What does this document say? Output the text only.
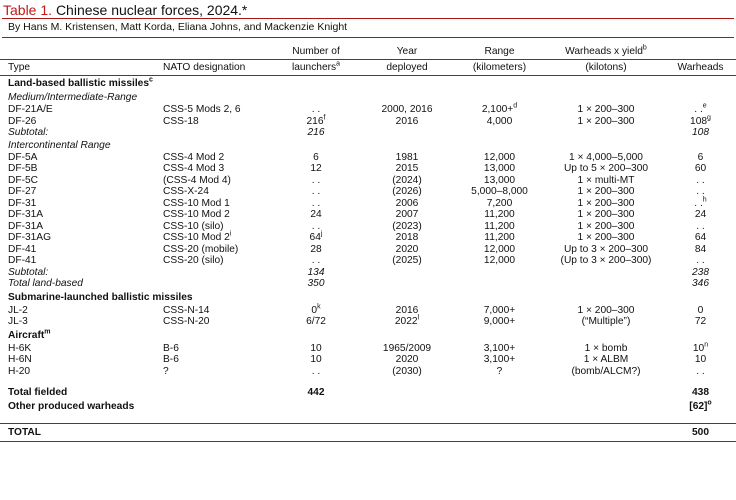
Table 1. Chinese nuclear forces, 2024.*
By Hans M. Kristensen, Matt Korda, Eliana Johns, and Mackenzie Knight
		Number of	Year	Range	Warheads x yield$^b$	
Type	NATO designation	launchers$^a$	deployed	(kilometers)	(kilotons)	Warheads
Land-based ballistic missiles$^c$
Medium/Intermediate-Range						
DF-21A/E	CSS-5 Mods 2, 6	. .	2000, 2016	2,100+$^d$	1 × 200–300	. .$^e$
DF-26	CSS-18	216$^f$	2016	4,000	1 × 200–300	108$^g$
Subtotal:		216				108
Intercontinental Range						
DF-5A	CSS-4 Mod 2	6	1981	12,000	1 × 4,000–5,000	6
DF-5B	CSS-4 Mod 3	12	2015	13,000	Up to 5 × 200–300	60
DF-5C	(CSS-4 Mod 4)	. .	(2024)	13,000	1 × multi-MT	. .
DF-27	CSS-X-24	. .	(2026)	5,000–8,000	1 × 200–300	. .
DF-31	CSS-10 Mod 1	. .	2006	7,200	1 × 200–300	. .$^h$
DF-31A	CSS-10 Mod 2	24	2007	11,200	1 × 200–300	24
DF-31A	CSS-10 (silo)	. .	(2023)	11,200	1 × 200–300	. .
DF-31AG	CSS-10 Mod 2$^i$	64$^j$	2018	11,200	1 × 200–300	64
DF-41	CSS-20 (mobile)	28	2020	12,000	Up to 3 × 200–300	84
DF-41	CSS-20 (silo)	. .	(2025)	12,000	(Up to 3 × 200–300)	. .
Subtotal:		134				238
Total land-based		350				346
Submarine-launched ballistic missiles						
JL-2	CSS-N-14	0$^k$	2016	7,000+	1 × 200–300	0
JL-3	CSS-N-20	6/72	2022$^l$	9,000+	(“Multiple”)	72
Aircraft$^m$
H-6K	B-6	10	1965/2009	3,100+	1 × bomb	10$^n$
H-6N	B-6	10	2020	3,100+	1 × ALBM	10
H-20	?	. .	(2030)	?	(bomb/ALCM?)	. .

Total fielded		442				438
Other produced warheads						$[62]^o$

TOTAL						500
